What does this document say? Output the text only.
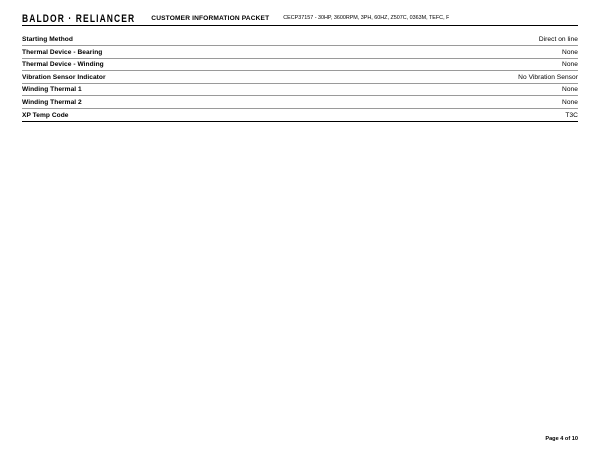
BALDOR · RELIANCER CUSTOMER INFORMATION PACKET	CECP37157 - 30HP, 3600RPM, 3PH, 60HZ, Z507C, 0363M, TEFC, F
Starting Method	Direct on line
Thermal Device - Bearing	None
Thermal Device - Winding	None
Vibration Sensor Indicator	No Vibration Sensor
Winding Thermal 1	None
Winding Thermal 2	None
XP Temp Code	T3C
Page 4 of 10
